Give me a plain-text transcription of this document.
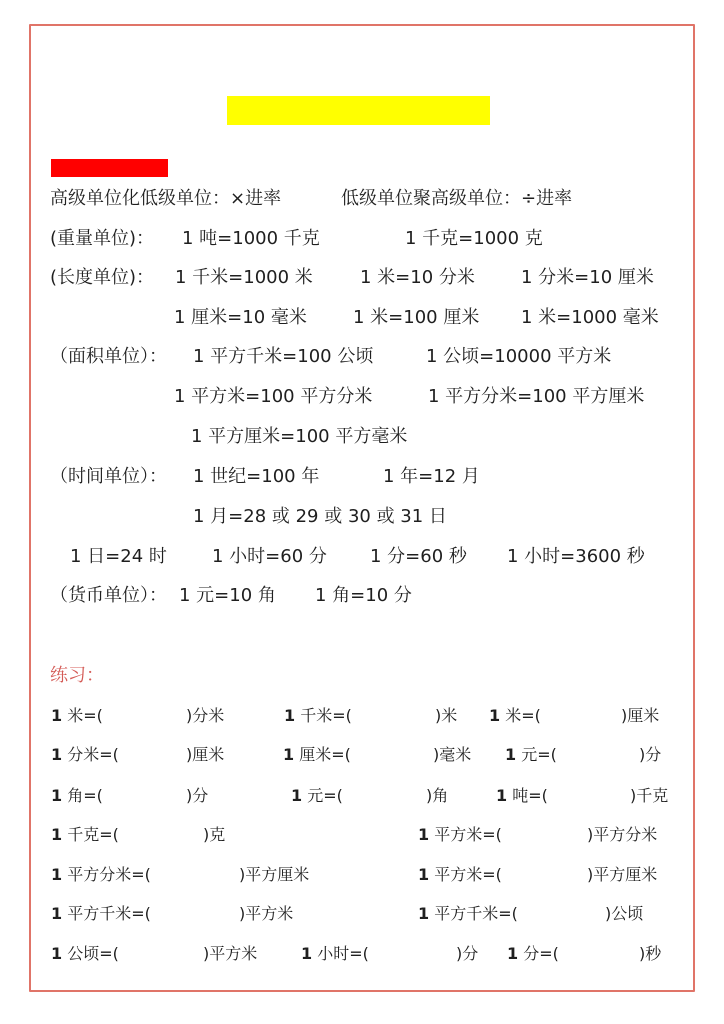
高级单位化低级单位：×进率	低级单位聚高级单位：÷进率
(重量单位)： 1 吨=1000 千克	1 千克=1000 克
(长度单位)： 1 千米=1000 米	1 米=10 分米	1 分米=10 厘米
1 厘米=10 毫米	1 米=100 厘米 1 米=1000 毫米
（面积单位）： 1 平方千米=100 公顷	1 公顷=10000 平方米
1 平方米=100 平方分米	1 平方分米=100 平方厘米
1 平方厘米=100 平方毫米
（时间单位）： 1 世纪=100 年	1 年=12 月
1 月=28 或 29 或 30 或 31 日
1 日=24 时	1 小时=60 分 1 分=60 秒 1 小时=3600 秒
（货币单位）： 1 元=10 角 1 角=10 分
练习：
1 米=(	)分米	1 千米=(	)米 1 米=(	)厘米
1 分米=(	)厘米	1 厘米=(	)毫米 1 元=(	)分
1 角=(	)分	1 元=(	)角	1 吨=(	)千克
1 千克=(	)克	1 平方米=(	)平方分米
1 平方分米=(	)平方厘米	1 平方米=(	)平方厘米
1 平方千米=(	)平方米	1 平方千米=(	)公顷
1 公顷=(	)平方米	1 小时=(	)分 1 分=(	)秒
